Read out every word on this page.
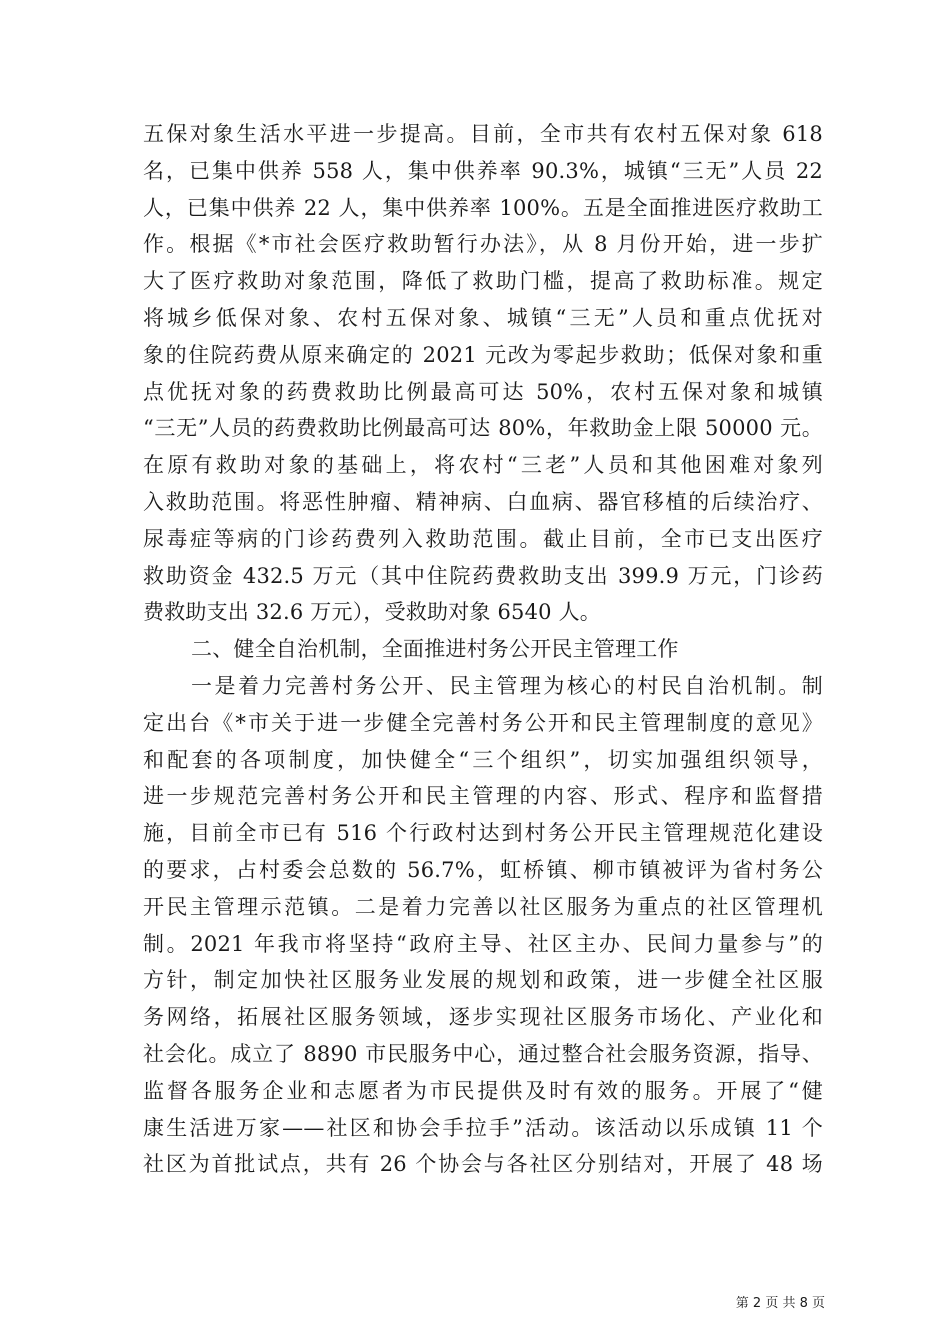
五保对象生活水平进一步提高。目前，全市共有农村五保对象 618
名，已集中供养 558 人，集中供养率 90.3%，城镇“三无”人员 22
人，已集中供养 22 人，集中供养率 100%。五是全面推进医疗救助工
作。根据《*市社会医疗救助暂行办法》，从 8 月份开始，进一步扩
大了医疗救助对象范围，降低了救助门槛，提高了救助标准。规定
将城乡低保对象、农村五保对象、城镇“三无”人员和重点优抚对
象的住院药费从原来确定的 2021 元改为零起步救助；低保对象和重
点优抚对象的药费救助比例最高可达 50%，农村五保对象和城镇
“三无”人员的药费救助比例最高可达 80%，年救助金上限 50000 元。
在原有救助对象的基础上，将农村“三老”人员和其他困难对象列
入救助范围。将恶性肿瘤、精神病、白血病、器官移植的后续治疗、
尿毒症等病的门诊药费列入救助范围。截止目前，全市已支出医疗
救助资金 432.5 万元（其中住院药费救助支出 399.9 万元，门诊药
费救助支出 32.6 万元），受救助对象 6540 人。
二、健全自治机制，全面推进村务公开民主管理工作
一是着力完善村务公开、民主管理为核心的村民自治机制。制
定出台《*市关于进一步健全完善村务公开和民主管理制度的意见》
和配套的各项制度，加快健全“三个组织”，切实加强组织领导，
进一步规范完善村务公开和民主管理的内容、形式、程序和监督措
施，目前全市已有 516 个行政村达到村务公开民主管理规范化建设
的要求，占村委会总数的 56.7%，虹桥镇、柳市镇被评为省村务公
开民主管理示范镇。二是着力完善以社区服务为重点的社区管理机
制。2021 年我市将坚持“政府主导、社区主办、民间力量参与”的
方针，制定加快社区服务业发展的规划和政策，进一步健全社区服
务网络，拓展社区服务领域，逐步实现社区服务市场化、产业化和
社会化。成立了 8890 市民服务中心，通过整合社会服务资源，指导、
监督各服务企业和志愿者为市民提供及时有效的服务。开展了“健
康生活进万家——社区和协会手拉手”活动。该活动以乐成镇 11 个
社区为首批试点，共有 26 个协会与各社区分别结对，开展了 48 场
第 2 页 共 8 页
